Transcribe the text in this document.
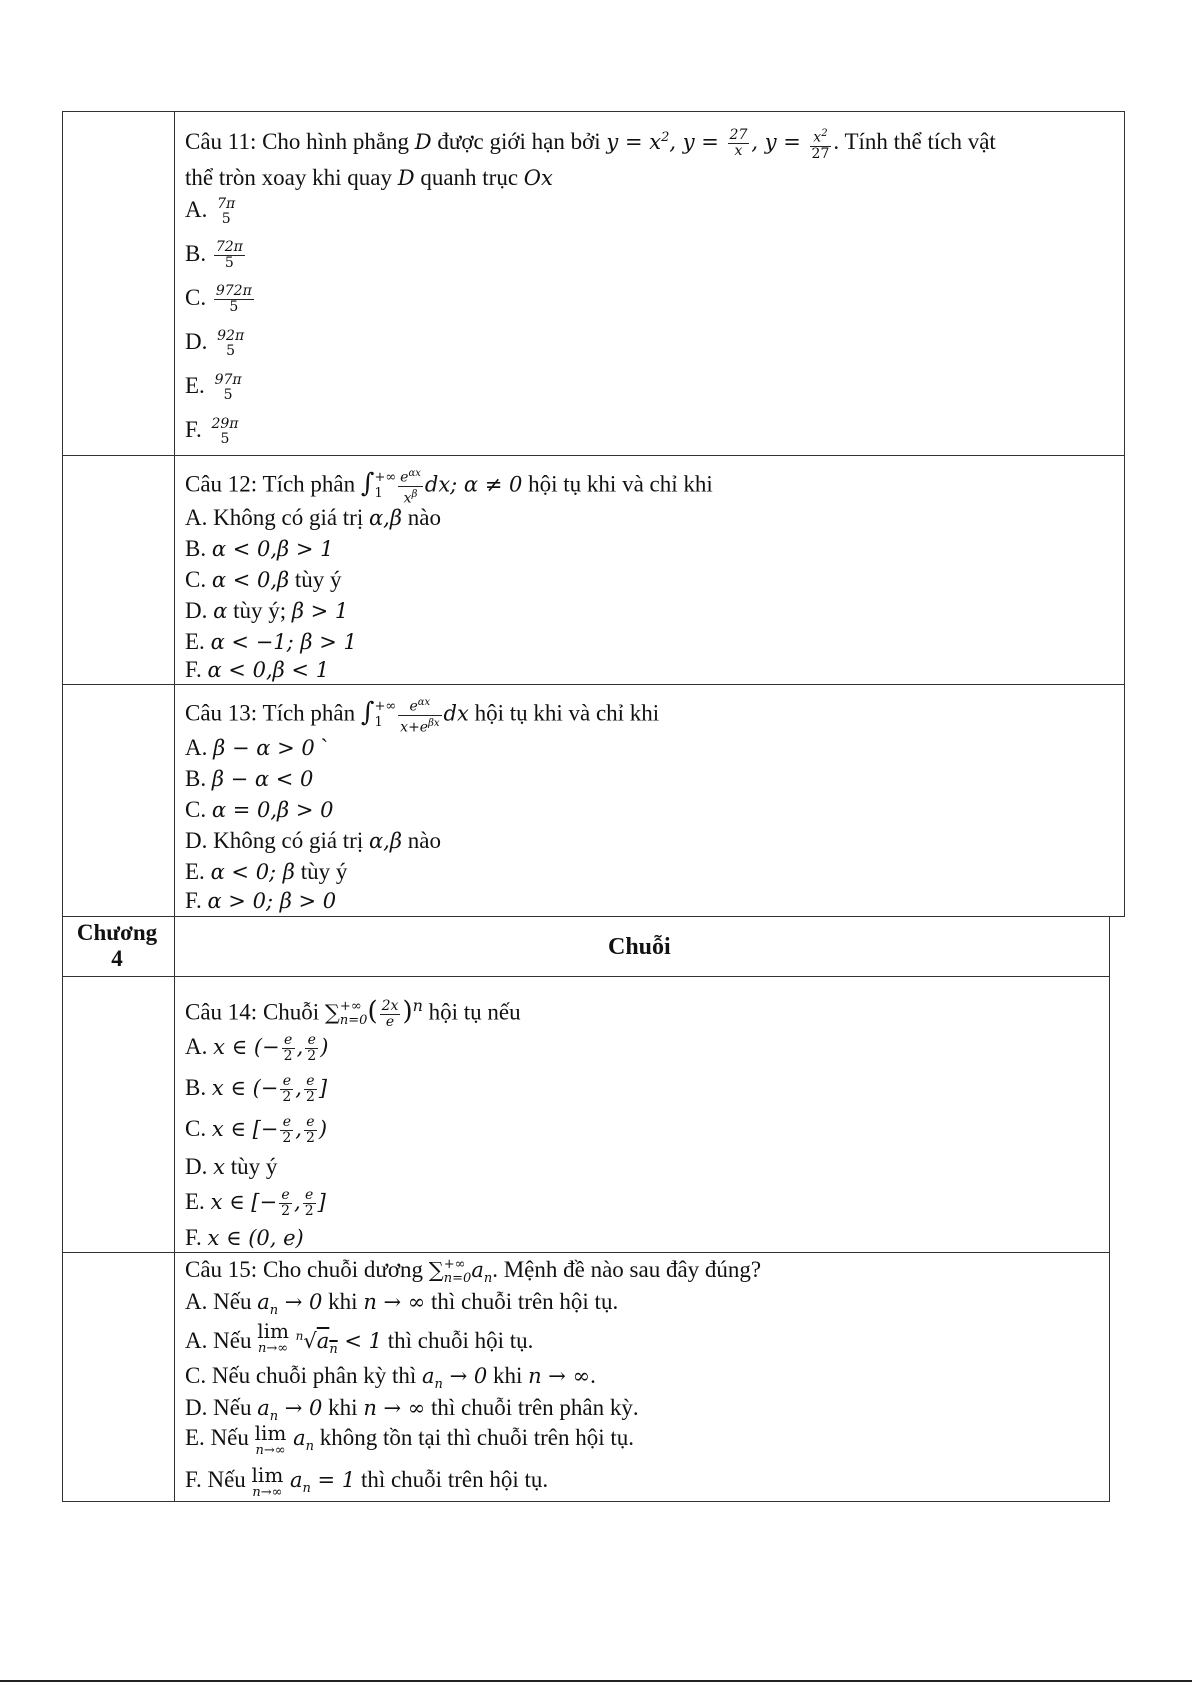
Câu 11: Cho hình phẳng D được giới hạn bởi $y = x^2$, $y = \frac{27}{x}$ , $y = \frac{x^2}{27}$ . Tính thể tích vật
thể tròn xoay khi quay D quanh trục Ox
A. 7π
5
B. $\frac{72\pi}{5}$
C. $\frac{972\pi}{5}$
D. 92π
5
E. 97π
5
F. 29π
5
Câu 12: Tích phân ∫ +∞
1	$\frac{e^{\alpha x}}{x^\beta}$ dx; α ≠ 0 hội tụ khi và chỉ khi
A. Không có giá trị α,β nào
B. α < 0,β > 1
C. α < 0,β tùy ý
D. α tùy ý; β > 1
E. α < −1; β > 1
F. α < 0,β < 1
Câu 13: Tích phân ∫ +∞
1	$\frac{e^{\alpha x}}{x+e^{\beta x}}$ dx hội tụ khi và chỉ khi
A. β − α > 0 `
B. β − α < 0
C. α = 0,β > 0
D. Không có giá trị α,β nào
E. α < 0; β tùy ý
F. α > 0; β > 0
Chương
4	Chuỗi
Câu 14: Chuỗi ∑ +∞
n=0 ( $\frac{2x}{e} )^n$ hội tụ nếu
A. x ∈ (− $\frac{e}{2}$ , $\frac{e}{2}$ )
B. x ∈ (− $\frac{e}{2}$ , $\frac{e}{2}$ ]
C. x ∈ [− $\frac{e}{2}$ , $\frac{e}{2}$ )
D. x tùy ý
E. x ∈ [− $\frac{e}{2}$ , $\frac{e}{2}$ ]
F. x ∈ (0, e)
Câu 15: Cho chuỗi dương ∑ +∞
n=0 $a_n$. Mệnh đề nào sau đây đúng?
A. Nếu $a_n \to 0$ khi n → ∞ thì chuỗi trên hội tụ.
A. Nếu lim
n→∞
$^n√a_n < 1$ thì chuỗi hội tụ.
C. Nếu chuỗi phân kỳ thì $a_n \to 0$ khi n → ∞.
D. Nếu $a_n \to 0$ khi n → ∞ thì chuỗi trên phân kỳ.
E. Nếu lim
n→∞
$a_n$ không tồn tại thì chuỗi trên hội tụ.
F. Nếu lim
n→∞
$a_n = 1$ thì chuỗi trên hội tụ.
